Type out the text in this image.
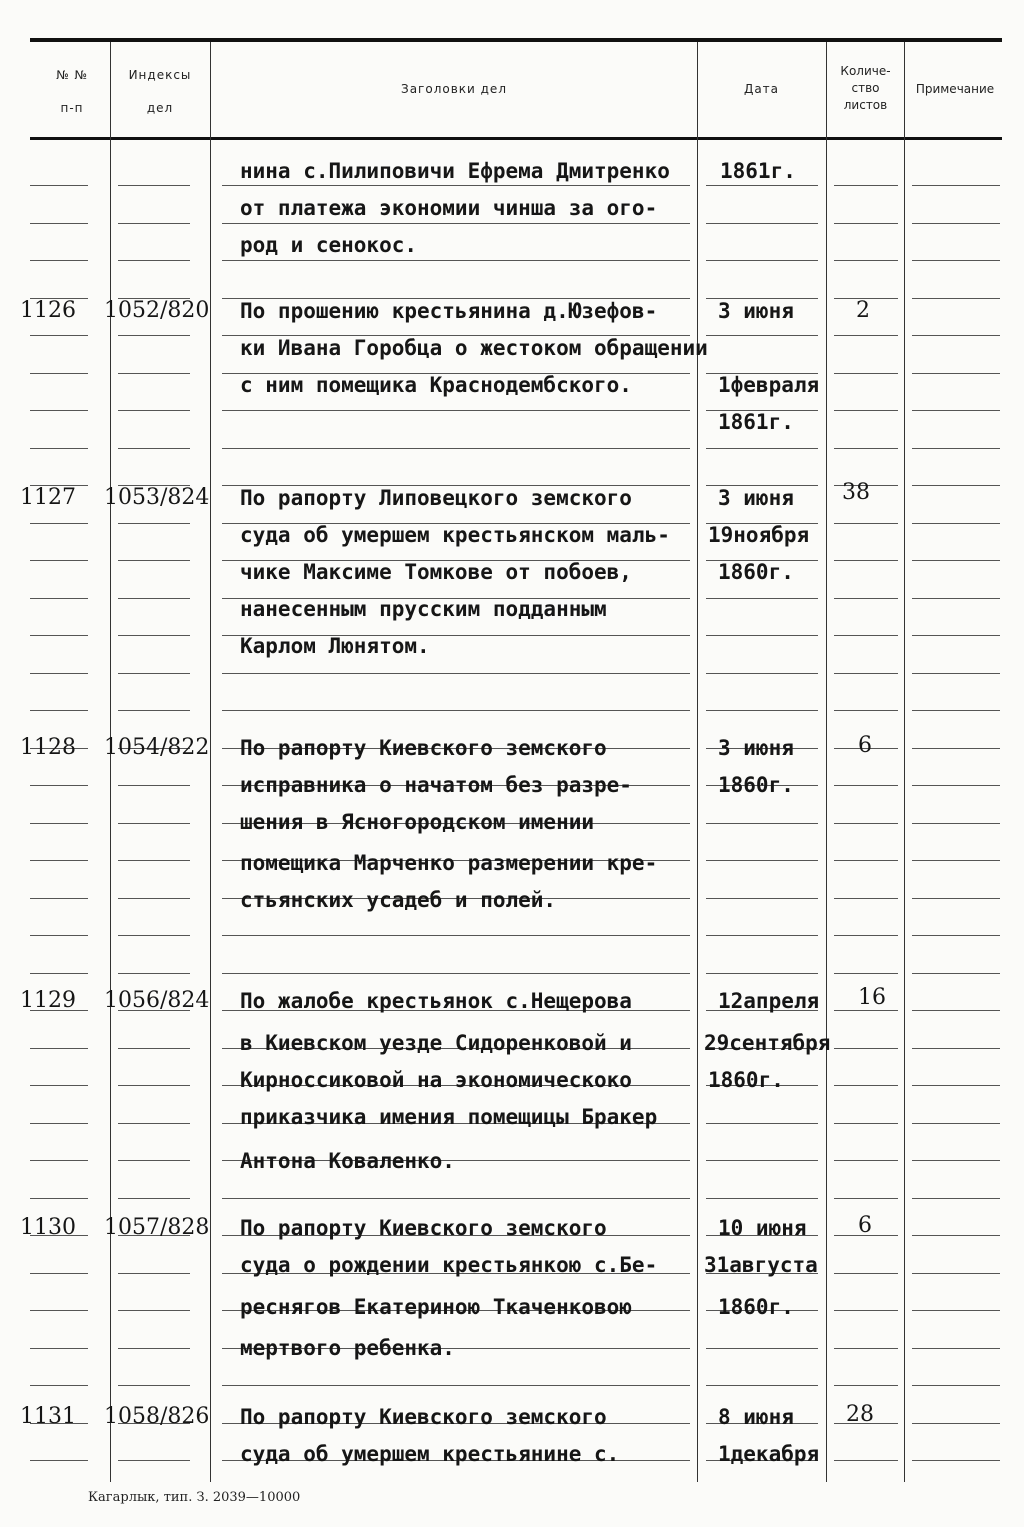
№ №
п-п
Индексы
дел
Заголовки дел	Дата
Количе-
ство
листов
Примечание
нина с.Пилиповичи Ефрема Дмитренко
от платежа экономии чинша за ого-
род и сенокос.
1861г.
1126 1052/820 По прошению крестьянина д.Юзефов-
ки Ивана Горобца о жестоком обращении
с ним помещика Краснодембского.
3 июня
1февраля
1861г.
2
1127 1053/824 По рапорту Липовецкого земского
суда об умершем крестьянском маль-
чике Максиме Томкове от побоев,
нанесенным прусским подданным
Карлом Люнятом.
3 июня
19ноября
1860г.
38
1128 1054/822 По рапорту Киевского земского
исправника о начатом без разре-
шения в Ясногородском имении
помещика Марченко размерении кре-
стьянских усадеб и полей.
3 июня
1860г.
6
1129 1056/824 По жалобе крестьянок с.Нещерова
в Киевском уезде Сидоренковой и
Кирноссиковой на экономическоко
приказчика имения помещицы Бракер
Антона Коваленко.
12апреля
29сентября
1860г.
16
1130 1057/828 По рапорту Киевского земского
суда о рождении крестьянкою с.Бе-
реснягов Екатериною Ткаченковою
мертвого ребенка.
10 июня
31августа
1860г.
6
1131 1058/826 По рапорту Киевского земского
суда об умершем крестьянине с.
8 июня
1декабря
28
Кагарлык, тип. З. 2039—10000
